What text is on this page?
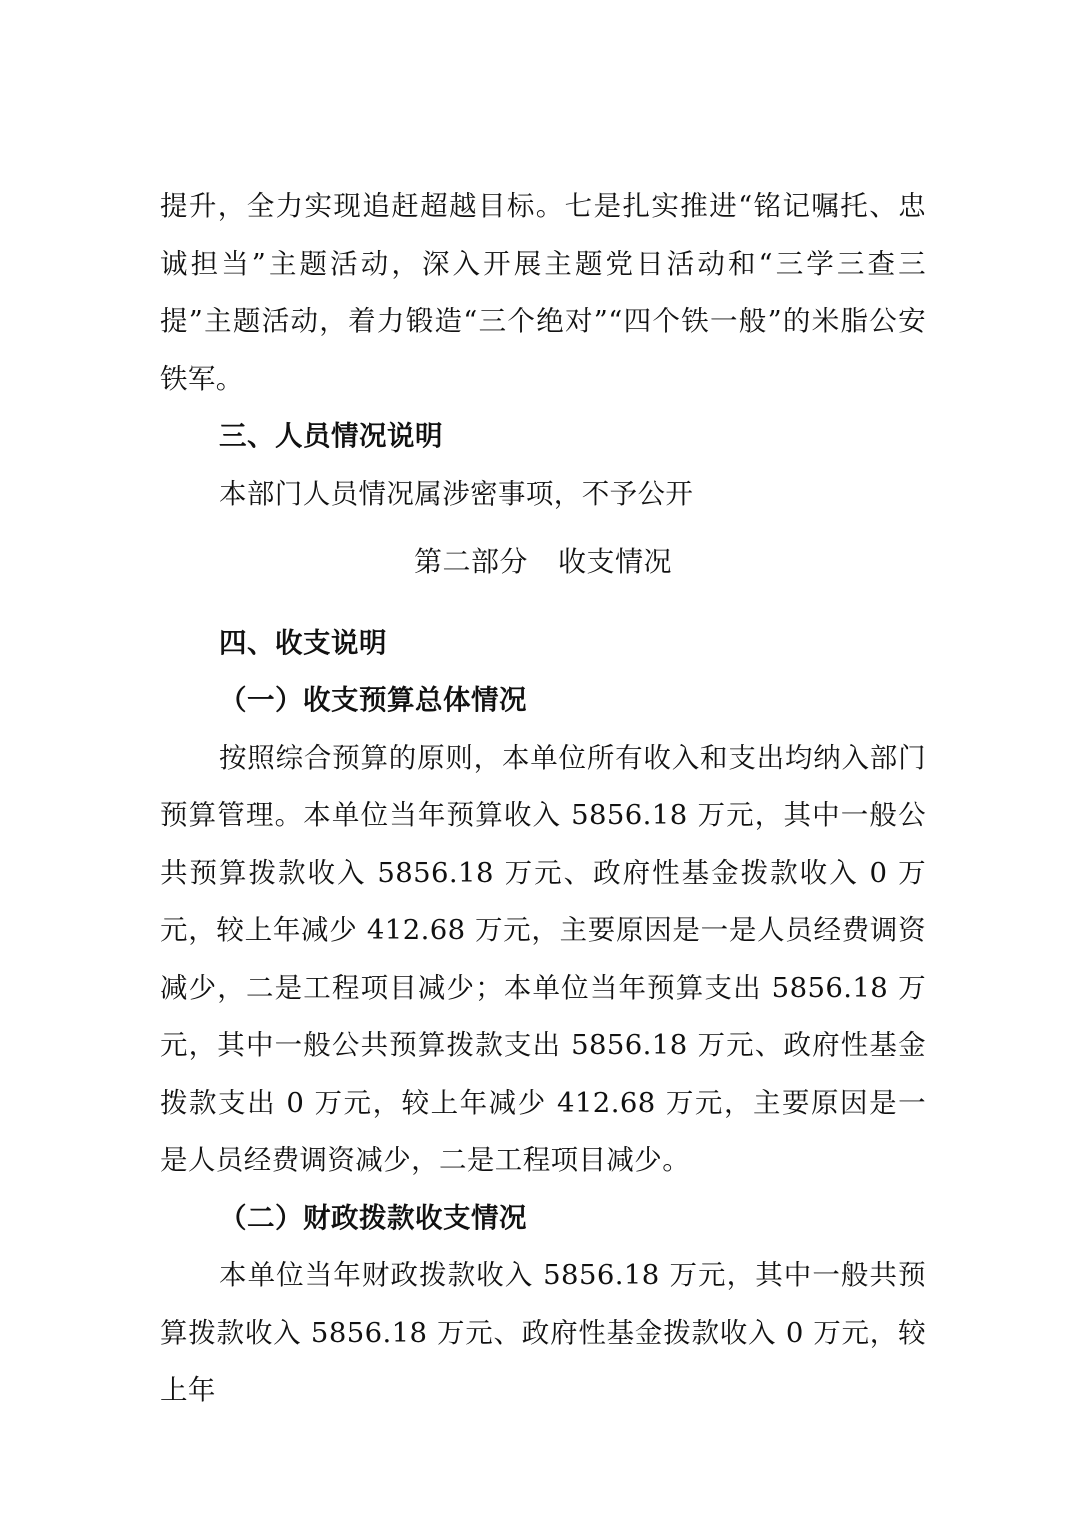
提升，全力实现追赶超越目标。七是扎实推进“铭记嘱托、忠诚担当”主题活动，深入开展主题党日活动和“三学三查三提”主题活动，着力锻造“三个绝对”“四个铁一般”的米脂公安铁军。

三、人员情况说明

本部门人员情况属涉密事项，不予公开

第二部分 收支情况

四、收支说明

（一）收支预算总体情况

按照综合预算的原则，本单位所有收入和支出均纳入部门预算管理。本单位当年预算收入 5856.18 万元，其中一般公共预算拨款收入 5856.18 万元、政府性基金拨款收入 0 万元，较上年减少 412.68 万元，主要原因是一是人员经费调资减少，二是工程项目减少；本单位当年预算支出 5856.18 万元，其中一般公共预算拨款支出 5856.18 万元、政府性基金拨款支出 0 万元，较上年减少 412.68 万元，主要原因是一是人员经费调资减少，二是工程项目减少。

（二）财政拨款收支情况

本单位当年财政拨款收入 5856.18 万元，其中一般共预算拨款收入 5856.18 万元、政府性基金拨款收入 0 万元，较上年
